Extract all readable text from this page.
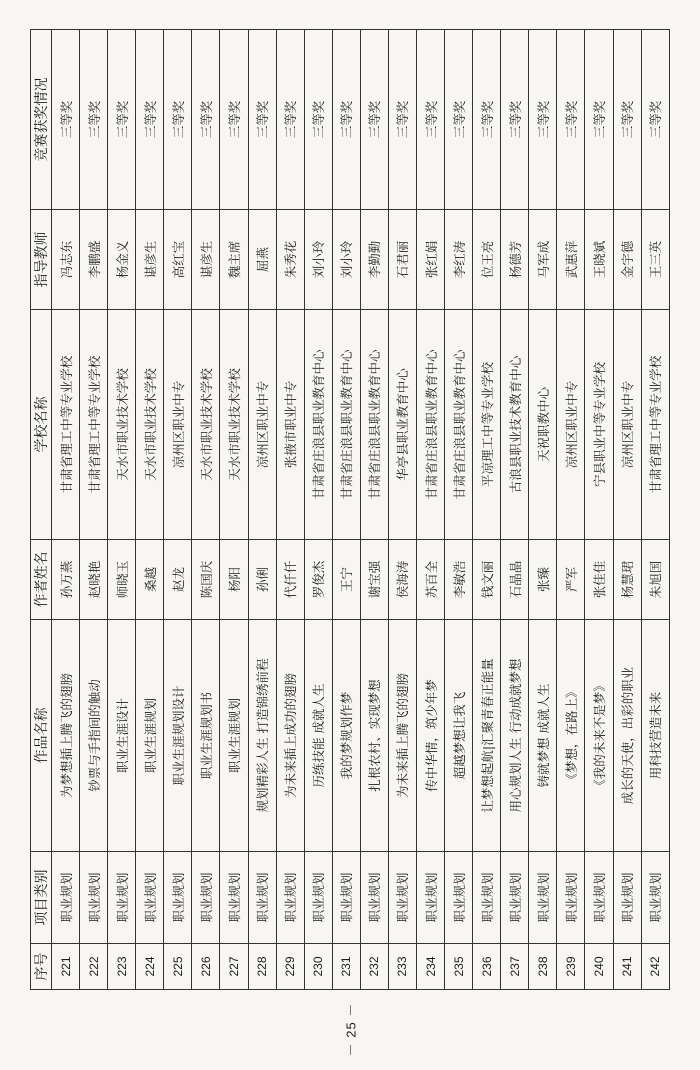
序号	项目类别	作品名称	作者姓名	学校名称	指导教师	竞赛获奖情况
221	职业规划	为梦想插上腾飞的翅膀	孙万燕	甘肃省理工中等专业学校	冯志东	三等奖
222	职业规划	钞票与手指间的触动	赵晓艳	甘肃省理工中等专业学校	李鹏盛	三等奖
223	职业规划	职业生涯设计	师晓玉	天水市职业技术学校	杨金义	三等奖
224	职业规划	职业生涯规划	桑越	天水市职业技术学校	谌彦生	三等奖
225	职业规划	职业生涯规划设计	赵龙	凉州区职业中专	高红宝	三等奖
226	职业规划	职业生涯规划书	陈国庆	天水市职业技术学校	谌彦生	三等奖
227	职业规划	职业生涯规划	杨阳	天水市职业技术学校	魏主席	三等奖
228	职业规划	规划精彩人生 打造锦绣前程	孙俐	凉州区职业中专	屈燕	三等奖
229	职业规划	为未来插上成功的翅膀	代仟仟	张掖市职业中专	朱秀花	三等奖
230	职业规划	历练技能 成就人生	罗俊杰	甘肃省庄浪县职业教育中心	刘小玲	三等奖
231	职业规划	我的梦规划作梦	王宁	甘肃省庄浪县职业教育中心	刘小玲	三等奖
232	职业规划	扎根农村、实现梦想	谢宝强	甘肃省庄浪县职业教育中心	李勤勤	三等奖
233	职业规划	为未来插上腾飞的翅膀	侯海涛	华亭县职业教育中心	石君丽	三等奖
234	职业规划	传中华情，筑少年梦	苏百全	甘肃省庄浪县职业教育中心	张红娟	三等奖
235	职业规划	超越梦想让我飞	李敏浩	甘肃省庄浪县职业教育中心	李红涛	三等奖
236	职业规划	让梦想起航|汇聚青春正能量	钱文丽	平凉理工中等专业学校	位王亮	三等奖
237	职业规划	用心规划人生 行动成就梦想	石晶晶	古浪县职业技术教育中心	杨德芳	三等奖
238	职业规划	铸就梦想 成就人生	张臻	天祝职教中心	马军成	三等奖
239	职业规划	《梦想，在路上》	严军	凉州区职业中专	武惠萍	三等奖
240	职业规划	《我的未来不是梦》	张佳佳	宁县职业中等专业学校	王晓斌	三等奖
241	职业规划	成长的天使，出彩的职业	杨慧珺	凉州区职业中专	金宇德	三等奖
242	职业规划	用科技营造未来	朱旭国	甘肃省理工中等专业学校	王三英	三等奖
－ 25 －
